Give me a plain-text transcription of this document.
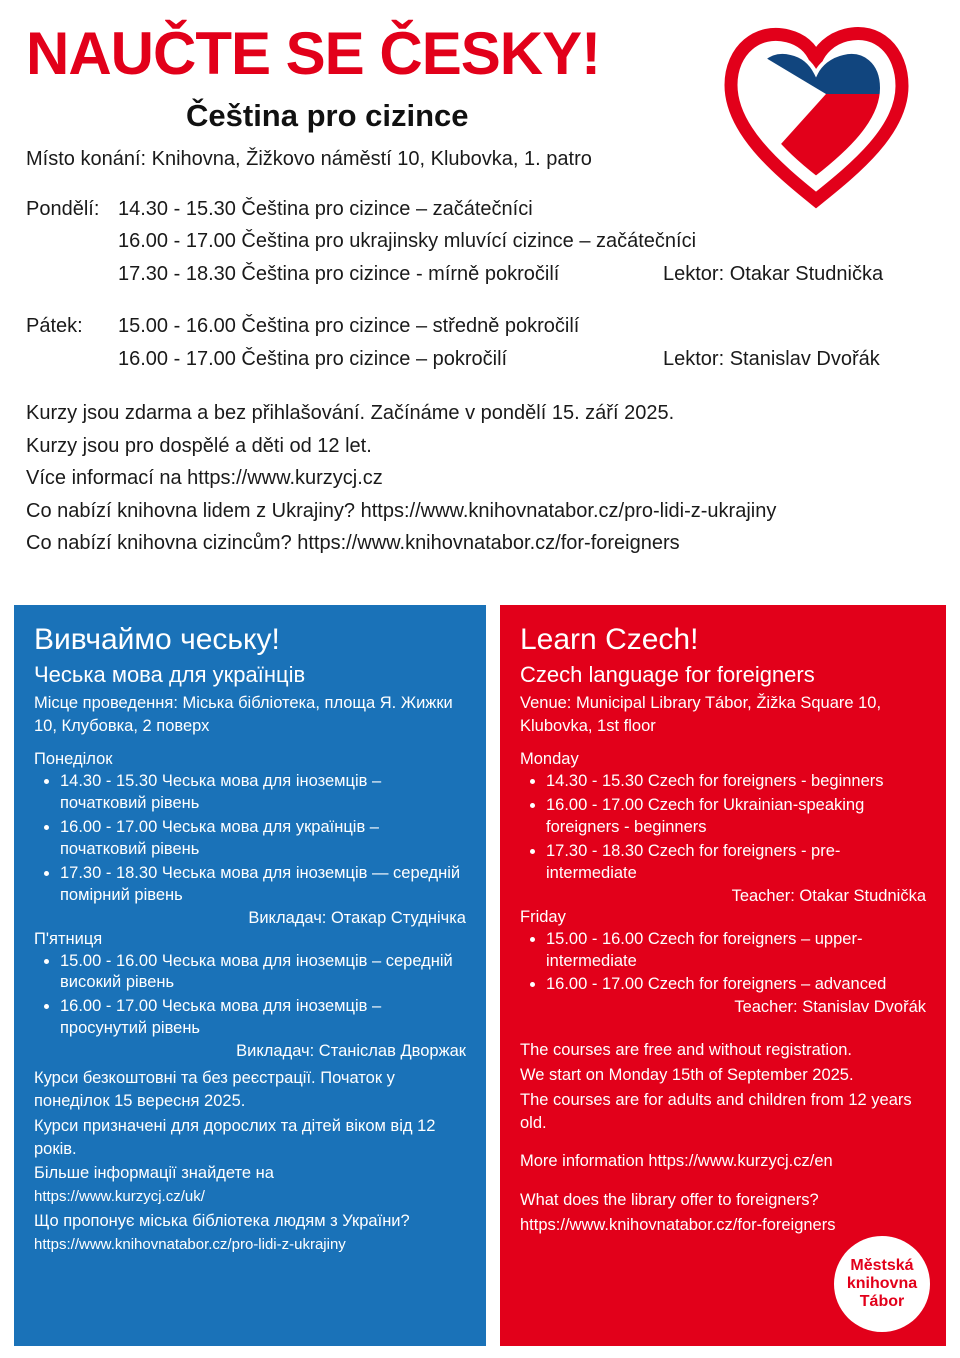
NAUČTE SE ČESKY!
Čeština pro cizince
Místo konání: Knihovna, Žižkovo náměstí 10, Klubovka, 1. patro
Pondělí: 14.30 - 15.30 Čeština pro cizince – začátečníci
16.00 - 17.00 Čeština pro ukrajinsky mluvící cizince – začátečníci
17.30 - 18.30 Čeština pro cizince - mírně pokročilí	Lektor: Otakar Studnička
Pátek:	15.00 - 16.00 Čeština pro cizince – středně pokročilí
16.00 - 17.00 Čeština pro cizince – pokročilí	Lektor: Stanislav Dvořák
Kurzy jsou zdarma a bez přihlašování. Začínáme v pondělí 15. září 2025.
Kurzy jsou pro dospělé a děti od 12 let.
Více informací na https://www.kurzycj.cz
Co nabízí knihovna lidem z Ukrajiny? https://www.knihovnatabor.cz/pro-lidi-z-ukrajiny
Co nabízí knihovna cizincům? https://www.knihovnatabor.cz/for-foreigners
Вивчаймо чеську!
Чеська мова для українців
Місце проведення: Міська бібліотека, площа Я. Жижки 10, Клубовка, 2 поверх
Понеділок
• 14.30 - 15.30 Чеська мова для іноземців – початковий рівень
• 16.00 - 17.00 Чеська мова для українців – початковий рівень
• 17.30 - 18.30 Чеська мова для іноземців — середній помірний рівень
Викладач: Отакар Студнічка
П'ятниця
• 15.00 - 16.00 Чеська мова для іноземців – середній високий рівень
• 16.00 - 17.00 Чеська мова для іноземців – просунутий рівень
Викладач: Станіслав Дворжак

Курси безкоштовні та без реєстрації. Початок у понеділок 15 вересня 2025.

Курси призначені для дорослих та дітей віком від 12 років.

Більше інформації знайдете на

https://www.kurzycj.cz/uk/

Що пропонує міська бібліотека людям з України?

https://www.knihovnatabor.cz/pro-lidi-z-ukrajiny

Learn Czech!
Czech language for foreigners
Venue: Municipal Library Tábor, Žižka Square 10, Klubovka, 1st floor
Monday
• 14.30 - 15.30 Czech for foreigners - beginners
• 16.00 - 17.00 Czech for Ukrainian-speaking foreigners - beginners
• 17.30 - 18.30 Czech for foreigners - pre-intermediate
Teacher: Otakar Studnička
Friday
• 15.00 - 16.00 Czech for foreigners – upper-intermediate
• 16.00 - 17.00 Czech for foreigners – advanced
Teacher: Stanislav Dvořák

The courses are free and without registration.

We start on Monday 15th of September 2025.

The courses are for adults and children from 12 years old.

More information https://www.kurzycj.cz/en

What does the library offer to foreigners?

https://www.knihovnatabor.cz/for-foreigners

Městská
knihovna
Tábor
